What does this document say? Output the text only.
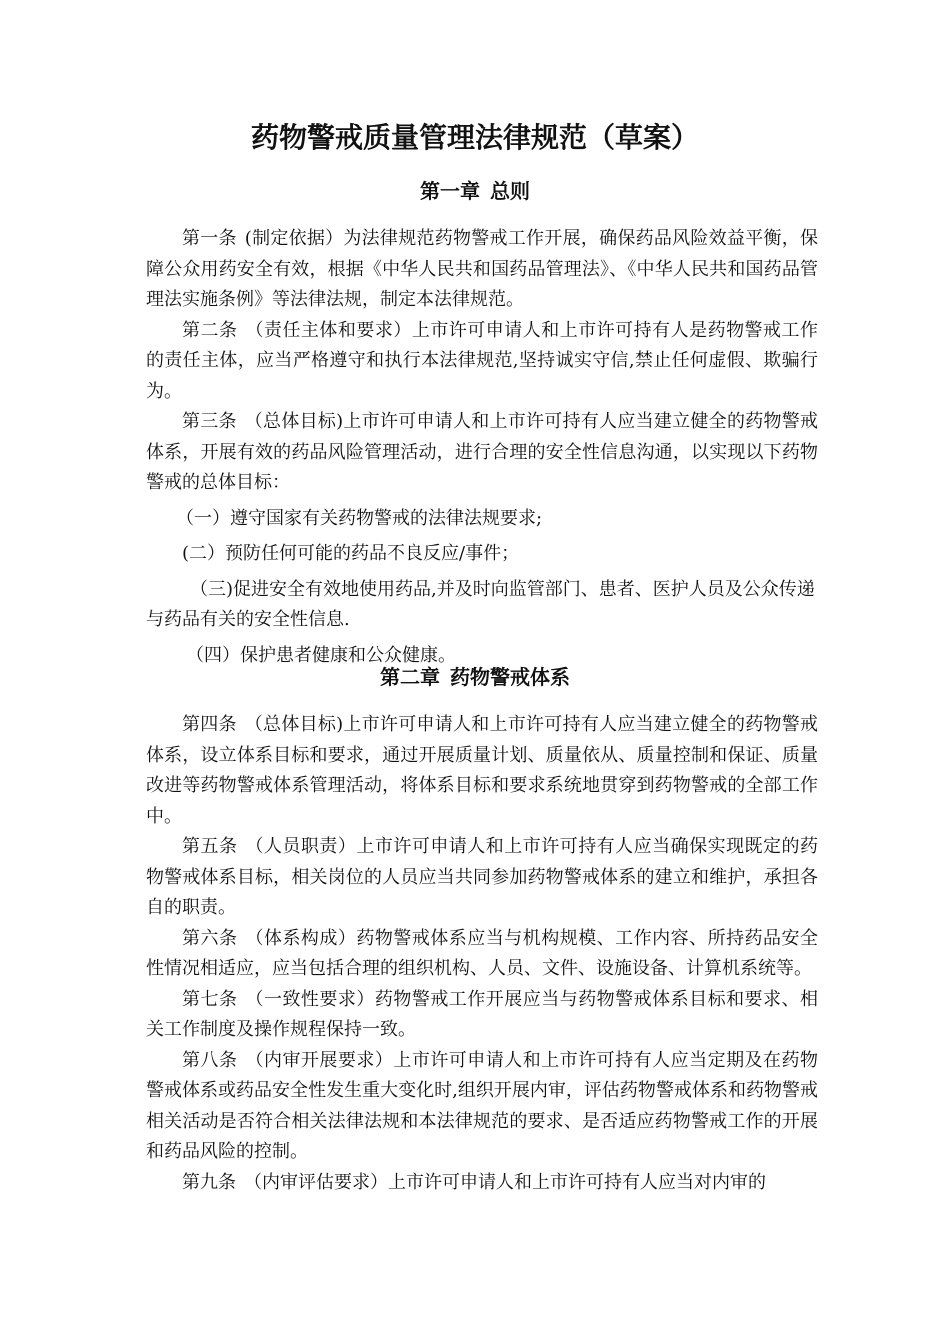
药物警戒质量管理法律规范（草案）
第一章 总则

第一条 (制定依据）为法律规范药物警戒工作开展，确保药品风险效益平衡，保障公众用药安全有效，根据《中华人民共和国药品管理法》、《中华人民共和国药品管理法实施条例》等法律法规，制定本法律规范。

第二条 （责任主体和要求）上市许可申请人和上市许可持有人是药物警戒工作的责任主体，应当严格遵守和执行本法律规范,坚持诚实守信,禁止任何虚假、欺骗行为。

第三条 （总体目标)上市许可申请人和上市许可持有人应当建立健全的药物警戒体系，开展有效的药品风险管理活动，进行合理的安全性信息沟通，以实现以下药物警戒的总体目标：

（一）遵守国家有关药物警戒的法律法规要求;

(二）预防任何可能的药品不良反应/事件；

（三)促进安全有效地使用药品,并及时向监管部门、患者、医护人员及公众传递与药品有关的安全性信息.

（四）保护患者健康和公众健康。

第二章 药物警戒体系

第四条 （总体目标)上市许可申请人和上市许可持有人应当建立健全的药物警戒体系，设立体系目标和要求，通过开展质量计划、质量依从、质量控制和保证、质量改进等药物警戒体系管理活动，将体系目标和要求系统地贯穿到药物警戒的全部工作中。

第五条 （人员职责）上市许可申请人和上市许可持有人应当确保实现既定的药物警戒体系目标，相关岗位的人员应当共同参加药物警戒体系的建立和维护，承担各自的职责。

第六条 （体系构成）药物警戒体系应当与机构规模、工作内容、所持药品安全性情况相适应，应当包括合理的组织机构、人员、文件、设施设备、计算机系统等。

第七条 （一致性要求）药物警戒工作开展应当与药物警戒体系目标和要求、相关工作制度及操作规程保持一致。

第八条 （内审开展要求）上市许可申请人和上市许可持有人应当定期及在药物警戒体系或药品安全性发生重大变化时,组织开展内审，评估药物警戒体系和药物警戒相关活动是否符合相关法律法规和本法律规范的要求、是否适应药物警戒工作的开展和药品风险的控制。

第九条 （内审评估要求）上市许可申请人和上市许可持有人应当对内审的
